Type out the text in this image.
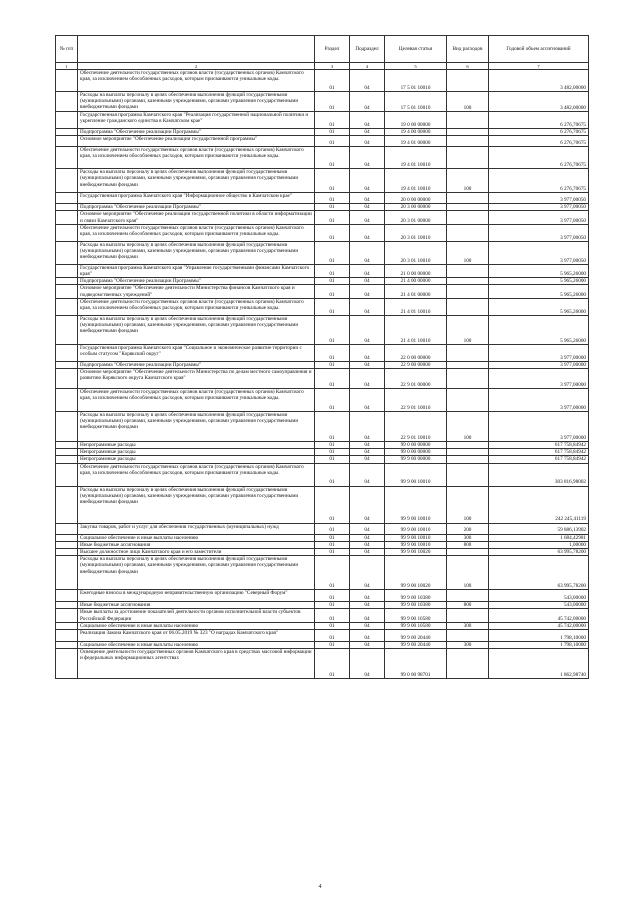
№ п/п		Раздел	Подраздел	Целевая статья	Вид расходов	Годовой объем ассигнований
1	2	3	4	5	6	7
	Обеспечение деятельности государственных органов власти (государственных органов) Камчатского края, за исключением обособленных расходов, которым присваиваются уникальные коды.	01	04	17 5 01 10010		3 482,00000
	Расходы на выплаты персоналу в целях обеспечения выполнения функций государственными (муниципальными) органами, казенными учреждениями, органами управления государственными внебюджетными фондами	01	04	17 5 01 10010	100	3 482,00000
	Государственная программа Камчатского края "Реализация государственной национальной политики и укрепление гражданского единства в Камчатском крае"	01	04	19 0 00 00000		6 276,70675
	Подпрограмма "Обеспечение реализации Программы"	01	04	19 4 00 00000		6 276,70675
	Основное мероприятие "Обеспечение реализации государственной программы"	01	04	19 4 01 00000		6 276,70675
	Обеспечение деятельности государственных органов власти (государственных органов) Камчатского края, за исключением обособленных расходов, которым присваиваются уникальные коды.	01	04	19 4 01 10010		6 276,70675
	Расходы на выплаты персоналу в целях обеспечения выполнения функций государственными (муниципальными) органами, казенными учреждениями, органами управления государственными внебюджетными фондами	01	04	19 4 01 10010	100	6 276,70675
	Государственная программа Камчатского края "Информационное общество в Камчатском крае"	01	04	20 0 00 00000		3 977,00050
	Подпрограмма "Обеспечение реализации Программы"	01	04	20 3 00 00000		3 977,00050
	Основное мероприятие "Обеспечение реализации государственной политики в области информатизации и связи Камчатского края"	01	04	20 3 01 00000		3 977,00050
	Обеспечение деятельности государственных органов власти (государственных органов) Камчатского края, за исключением обособленных расходов, которым присваиваются уникальные коды.	01	04	20 3 01 10010		3 977,00050
	Расходы на выплаты персоналу в целях обеспечения выполнения функций государственными (муниципальными) органами, казенными учреждениями, органами управления государственными внебюджетными фондами	01	04	20 3 01 10010	100	3 977,00050
	Государственная программа Камчатского края "Управление государственными финансами Камчатского края"	01	04	21 0 00 00000		5 965,26000
	Подпрограмма "Обеспечение реализации Программы"	01	04	21 4 00 00000		5 965,26000
	Основное мероприятие "Обеспечение деятельности Министерства финансов Камчатского края и подведомственных учреждений"	01	04	21 4 01 00000		5 965,26000
	Обеспечение деятельности государственных органов власти (государственных органов) Камчатского края, за исключением обособленных расходов, которым присваиваются уникальные коды.	01	04	21 4 01 10010		5 965,26000
	Расходы на выплаты персоналу в целях обеспечения выполнения функций государственными (муниципальными) органами, казенными учреждениями, органами управления государственными внебюджетными фондами	01	04	21 4 01 10010	100	5 965,26000
	Государственная программа Камчатского края "Социальное и экономическое развитие территории с особым статусом "Корякский округ"	01	04	22 0 00 00000		3 977,00000
	Подпрограмма "Обеспечение реализации Программы"	01	04	22 9 00 00000		3 977,00000
	Основное мероприятие "Обеспечение деятельности Министерства по делам местного самоуправления и развитию Корякского округа Камчатского края"	01	04	22 9 01 00000		3 977,00000
	Обеспечение деятельности государственных органов власти (государственных органов) Камчатского края, за исключением обособленных расходов, которым присваиваются уникальные коды.	01	04	22 9 01 10010		3 977,00000
	Расходы на выплаты персоналу в целях обеспечения выполнения функций государственными (муниципальными) органами, казенными учреждениями, органами управления государственными внебюджетными фондами	01	04	22 9 01 10010	100	3 977,00000
	Непрограммные расходы	01	04	99 0 00 00000		617 758,84942
	Непрограммные расходы	01	04	99 0 00 00000		617 758,84942
	Непрограммные расходы	01	04	99 9 00 00000		617 758,84942
	Обеспечение деятельности государственных органов власти (государственных органов) Камчатского края, за исключением обособленных расходов, которым присваиваются уникальные коды.	01	04	99 9 00 10010		303 816,98002
	Расходы на выплаты персоналу в целях обеспечения выполнения функций государственными (муниципальными) органами, казенными учреждениями, органами управления государственными внебюджетными фондами	01	04	99 9 00 10010	100	242 245,41119
	Закупка товаров, работ и услуг для обеспечения государственных (муниципальных) нужд	01	04	99 9 00 10010	200	59 886,13902
	Социальное обеспечение и иные выплаты населению	01	04	99 9 00 10010	300	1 684,42981
	Иные бюджетные ассигнования	01	04	99 9 00 10010	800	1,00000
	Высшее должностное лицо Камчатского края и его заместители	01	04	99 9 00 10020		63 995,78200
	Расходы на выплаты персоналу в целях обеспечения выполнения функций государственными (муниципальными) органами, казенными учреждениями, органами управления государственными внебюджетными фондами	01	04	99 9 00 10020	100	63 995,78200
	Ежегодные взносы в международную неправительственную организацию "Северный Форум"	01	04	99 9 00 10380		543,00000
	Иные бюджетные ассигнования	01	04	99 9 00 10380	800	543,00000
	Иные выплаты за достижение показателей деятельности органов исполнительной власти субъектов Российской Федерации	01	04	99 9 00 10580		45 742,00000
	Социальное обеспечение и иные выплаты населению	01	04	99 9 00 10580	300	45 742,00000
	Реализация Закона Камчатского края от 06.05.2019 № 323 "О наградах Камчатского края"	01	04	99 9 00 20440		1 798,10000
	Социальное обеспечение и иные выплаты населению	01	04	99 9 00 20440	300	1 798,10000
	Освещение деятельности государственных органов Камчатского края в средствах массовой информации и федеральных информационных агентствах	01	04	99 0 00 98701		1 862,98740
4
